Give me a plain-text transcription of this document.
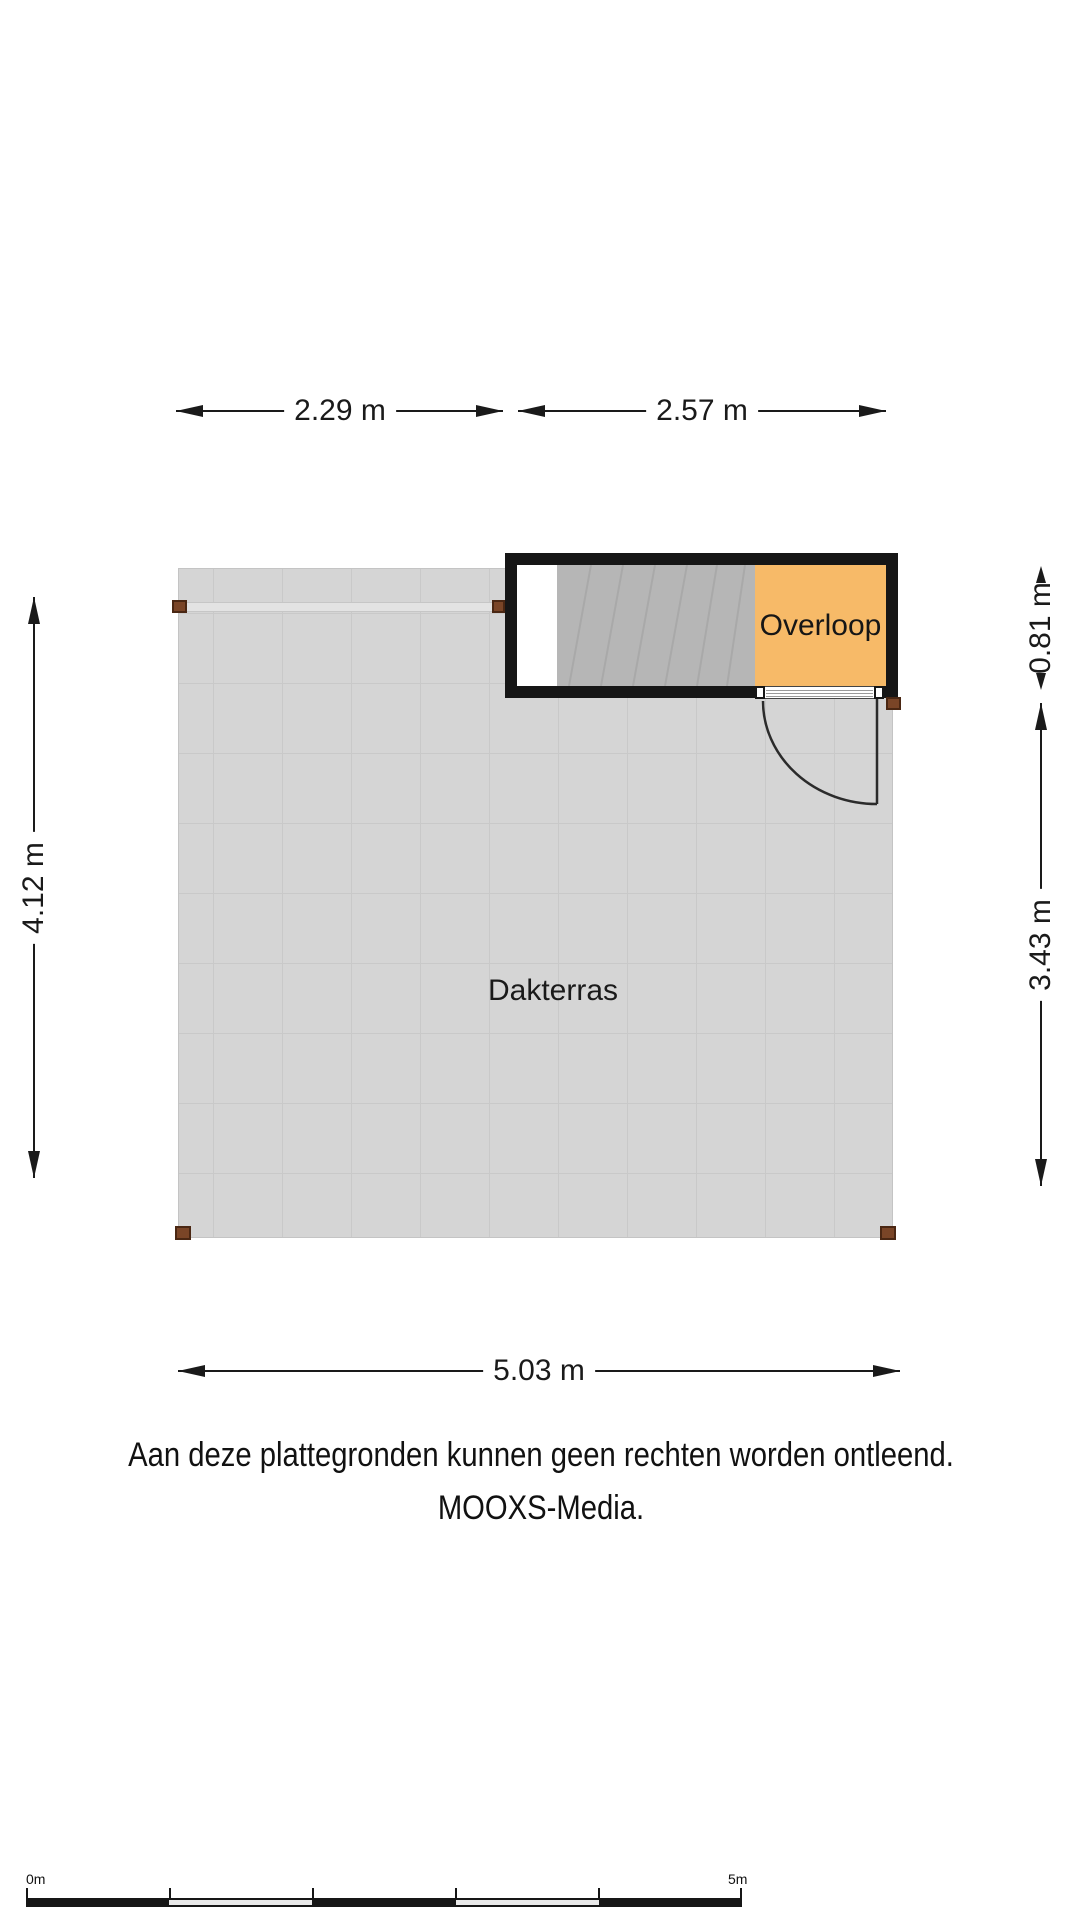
2.29 m	2.57 m
4.12 m
0.81 m
3.43 m
5.03 m
Dakterras
Overloop
Aan deze plattegronden kunnen geen rechten worden ontleend.
MOOXS-Media.
0m	5m
